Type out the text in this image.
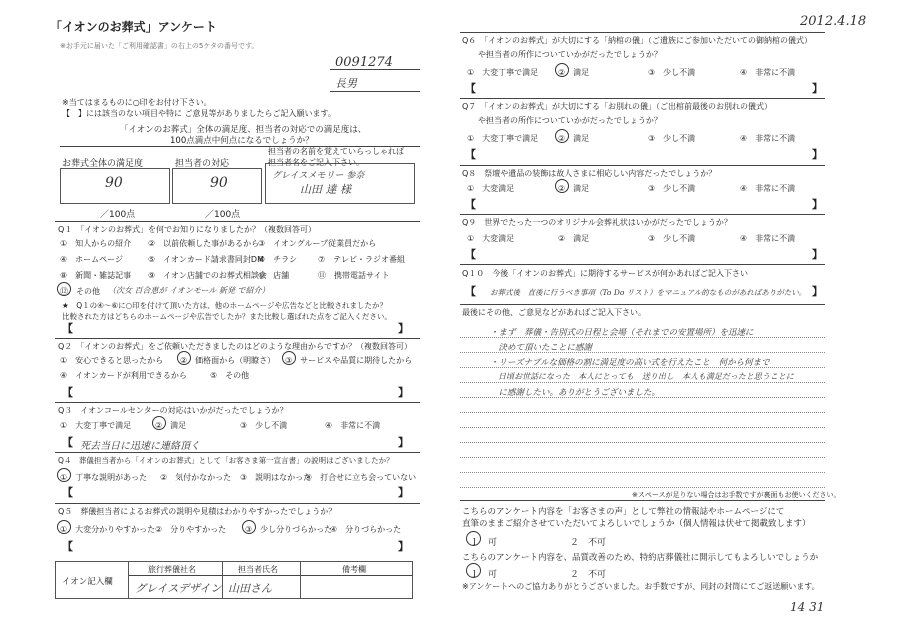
「イオンのお葬式」アンケート
※お手元に届いた「ご利用確認書」の右上の5ケタの番号です。
0091274
長男
※当てはまるものに○印をお付け下さい。
【　】には該当のない項目や特に ご意見等がありましたらご記入願います。
「イオンのお葬式」全体の満足度、担当者の対応での満足度は、
100点満点中何点になるでしょうか？
お葬式全体の満足度	担当者の対応
担当者の名前を覚えていらっしゃれば
担当者名をご記入下さい。
90	90	グレイスメモリー 参奈
山田 達 様
／100点	／100点
Q１　「イオンのお葬式」を何でお知りになりましたか？（複数回答可）
①　知人からの紹介 ②　以前依頼した事があるから
③　イオングループ従業員だから
④　ホームページ	⑤　イオンカード請求書同封DM
⑥　チラシ	⑦　テレビ・ラジオ番組
⑧　新聞・雑誌記事 ⑨　イオン店舗でのお葬式相談会
⑩　店舗	⑪　携帯電話サイト
⑫　その他 （次女 百合恵が イオンモール 新発 で紹介）
★　Q１の④～⑥に○印を付けて頂いた方は、他のホームページや広告などと比較されましたか？
比較された方はどちらのホームページや広告でしたか？また比較し選ばれた点をご記入ください。
【	】
Q２　「イオンのお葬式」をご依頼いただきましたのはどのような理由からですか？（複数回答可）
①　安心できると思ったから ②　価格面から（明瞭さ） ③　サービスや品質に期待したから
④　イオンカードが利用できるから	⑤　その他
【	】
Q３　イオンコールセンターの対応はいかがだったでしょうか？
①　大変丁寧で満足	②　満足	③　少し不満	④　非常に不満
【 死去当日に迅速に連絡頂く	】
Q４　葬儀担当者から「イオンのお葬式」として「お客さま第一宣言書」の説明はございましたか？
①　丁寧な説明があった ②　気付かなかった ③　説明はなかった
④　打合せに立ち会っていない
【	】
Q５　葬儀担当者によるお葬式の説明や見積はわかりやすかったでしょうか？
①　大変分かりやすかった ②　分りやすかった ③　少し分りづらかった
④　分りづらかった
【	】
イオン記入欄
旅行葬儀社名	担当者氏名	備考欄
グレイスデザイン 山田さん
2012.4.18
Q６　「イオンのお葬式」が大切にする「納棺の儀」（ご遺族にご参加いただいての御納棺の儀式）
や担当者の所作についていかがだったでしょうか？
①　大変丁寧で満足 ②　満足	③　少し不満	④　非常に不満
【	】
Q７　「イオンのお葬式」が大切にする「お別れの儀」（ご出棺前最後のお別れの儀式）
や担当者の所作についていかがだったでしょうか？
①　大変丁寧で満足 ②　満足	③　少し不満	④　非常に不満
【	】
Q８　祭壇や遺品の装飾は故人さまに相応しい内容だったでしょうか？
①　大変満足	②　満足	③　少し不満	④　非常に不満
【	】
Q９　世界でたった一つのオリジナル会葬礼状はいかがだったでしょうか？
①　大変満足	②　満足	③　少し不満	④　非常に不満
【	】
Q１０　今後「イオンのお葬式」に期待するサービスが何かあればご記入下さい
【 お葬式後　直後に行うべき事項（To Do リスト）をマニュアル的なものがあればありがたい。 】
最後にその他、ご意見などがあればご記入下さい。
・まず　葬儀・告別式の日程と会場（それまでの安置場所）を迅速に
　決めて頂いたことに感謝
・リーズナブルな価格の割に満足度の高い式を行えたこと　何から何まで
　日頃お世話になった　本人にとっても　送り出し　本人も満足だったと思うことに
　に感謝したい。ありがとうございました。
※スペースが足りない場合はお手数ですが裏面もお使いください。
こちらのアンケート内容を「お客さまの声」として弊社の情報誌やホームページにて
直筆のままご紹介させていただいてよろしいでしょうか（個人情報は伏せて掲載致します）
１　可	２　不可
こちらのアンケート内容を、品質改善のため、特約店葬儀社に開示してもよろしいでしょうか
１　可	２　不可
※アンケートへのご協力ありがとうございました。お手数ですが、同封の封筒にてご返送願います。
14 31
